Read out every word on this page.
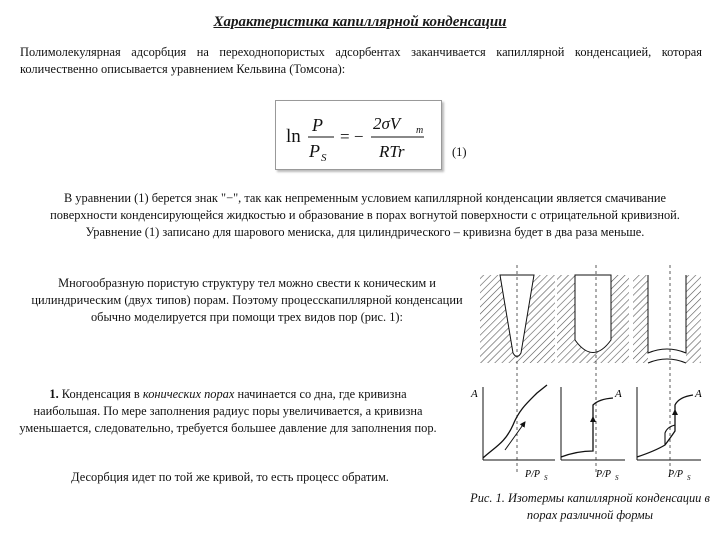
Характеристика капиллярной конденсации
Полимолекулярная адсорбция на переходнопористых адсорбентах заканчивается капиллярной конденсацией, которая количественно описывается уравнением Кельвина (Томсона):
ln
P
P S
= −
2σV m
RTr	(1)
В уравнении (1) берется знак "−", так как непременным условием капиллярной конденсации является смачивание поверхности конденсирующейся жидкостью и образование в порах вогнутой поверхности с отрицательной кривизной. Уравнение (1) записано для шарового мениска, для цилиндрического – кривизна будет в два раза меньше.
Многообразную пористую структуру тел можно свести к коническим и цилиндрическим (двух типов) порам. Поэтому процесскапиллярной конденсации обычно моделируется при помощи трех видов пор (рис. 1):
1. Конденсация в конических порах начинается со дна, где кривизна наибольшая. По мере заполнения радиус поры увеличивается, а кривизна уменьшается, следовательно, требуется большее давление для заполнения пор.
Десорбция идет по той же кривой, то есть процесс обратим.
A
P/P S
A
P/P S
A
P/P S
Рис. 1. Изотермы капиллярной конденсации в порах различной формы
